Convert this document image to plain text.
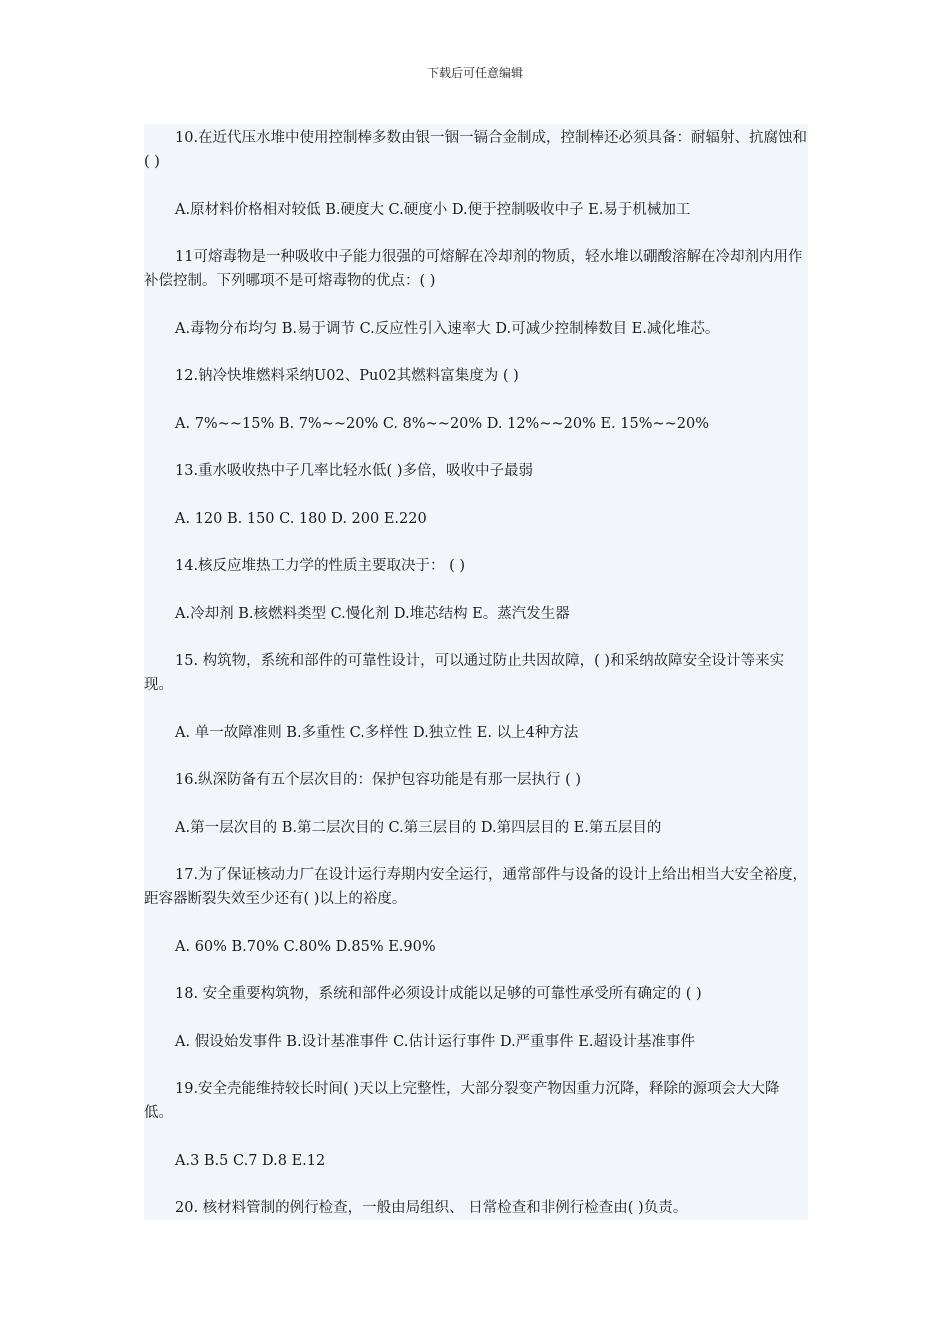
下载后可任意编辑

10.在近代压水堆中使用控制棒多数由银一铟一镉合金制成，控制棒还必须具备：耐辐射、抗腐蚀和( )

A.原材料价格相对较低 B.硬度大 C.硬度小 D.便于控制吸收中子 E.易于机械加工

11可熔毒物是一种吸收中子能力很强的可熔解在冷却剂的物质，轻水堆以硼酸溶解在冷却剂内用作补偿控制。下列哪项不是可熔毒物的优点：( )

A.毒物分布均匀 B.易于调节 C.反应性引入速率大 D.可减少控制棒数目 E.减化堆芯。

12.钠冷快堆燃料采纳U02、Pu02其燃料富集度为 ( )

A. 7%~~15% B. 7%~~20% C. 8%~~20% D. 12%~~20% E. 15%~~20%

13.重水吸收热中子几率比轻水低( )多倍，吸收中子最弱

A. 120 B. 150 C. 180 D. 200 E.220

14.核反应堆热工力学的性质主要取决于： ( )

A.冷却剂 B.核燃料类型 C.慢化剂 D.堆芯结构 E。蒸汽发生器

15. 构筑物，系统和部件的可靠性设计，可以通过防止共因故障，( )和采纳故障安全设计等来实现。

A. 单一故障准则 B.多重性 C.多样性 D.独立性 E. 以上4种方法

16.纵深防备有五个层次目的：保护包容功能是有那一层执行 ( )

A.第一层次目的 B.第二层次目的 C.第三层目的 D.第四层目的 E.第五层目的

17.为了保证核动力厂在设计运行寿期内安全运行，通常部件与设备的设计上给出相当大安全裕度，距容器断裂失效至少还有( )以上的裕度。

A. 60% B.70% C.80% D.85% E.90%

18. 安全重要构筑物，系统和部件必须设计成能以足够的可靠性承受所有确定的 ( )

A. 假设始发事件 B.设计基准事件 C.估计运行事件 D.严重事件 E.超设计基准事件

19.安全壳能维持较长时间( )天以上完整性，大部分裂变产物因重力沉降，释除的源项会大大降低。

A.3 B.5 C.7 D.8 E.12

20. 核材料管制的例行检查，一般由局组织、 日常检查和非例行检查由( )负责。
